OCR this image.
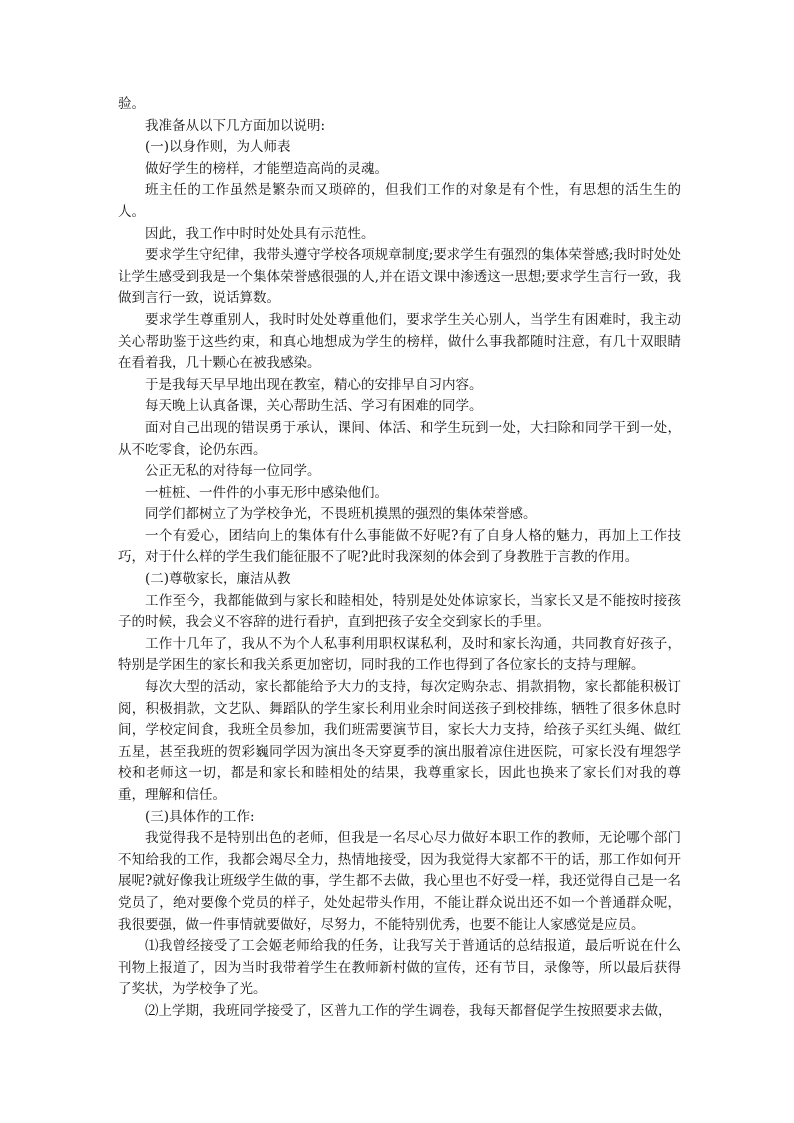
验。

我准备从以下几方面加以说明:

(一)以身作则，为人师表

做好学生的榜样，才能塑造高尚的灵魂。

班主任的工作虽然是繁杂而又琐碎的，但我们工作的对象是有个性，有思想的活生生的人。

因此，我工作中时时处处具有示范性。

要求学生守纪律，我带头遵守学校各项规章制度;要求学生有强烈的集体荣誉感;我时时处处让学生感受到我是一个集体荣誉感很强的人,并在语文课中渗透这一思想;要求学生言行一致，我做到言行一致，说话算数。

要求学生尊重别人，我时时处处尊重他们，要求学生关心别人，当学生有困难时，我主动关心帮助鉴于这些约束，和真心地想成为学生的榜样，做什么事我都随时注意，有几十双眼睛在看着我，几十颗心在被我感染。

于是我每天早早地出现在教室，精心的安排早自习内容。

每天晚上认真备课，关心帮助生活、学习有困难的同学。

面对自己出现的错误勇于承认，课间、体活、和学生玩到一处，大扫除和同学干到一处，从不吃零食，论仍东西。

公正无私的对待每一位同学。

一桩桩、一件件的小事无形中感染他们。

同学们都树立了为学校争光，不畏班机摸黑的强烈的集体荣誉感。

一个有爱心，团结向上的集体有什么事能做不好呢?有了自身人格的魅力，再加上工作技巧，对于什么样的学生我们能征服不了呢?此时我深刻的体会到了身教胜于言教的作用。

(二)尊敬家长，廉洁从教

工作至今，我都能做到与家长和睦相处，特别是处处体谅家长，当家长又是不能按时接孩子的时候，我会义不容辞的进行看护，直到把孩子安全交到家长的手里。

工作十几年了，我从不为个人私事利用职权谋私利，及时和家长沟通，共同教育好孩子，特别是学困生的家长和我关系更加密切，同时我的工作也得到了各位家长的支持与理解。

每次大型的活动，家长都能给予大力的支持，每次定购杂志、捐款捐物，家长都能积极订阅，积极捐款，文艺队、舞蹈队的学生家长利用业余时间送孩子到校排练，牺牲了很多休息时间，学校定间食，我班全员参加，我们班需要演节目，家长大力支持，给孩子买红头绳、做红五星，甚至我班的贺彩巍同学因为演出冬天穿夏季的演出服着凉住进医院，可家长没有埋怨学校和老师这一切，都是和家长和睦相处的结果，我尊重家长，因此也换来了家长们对我的尊重，理解和信任。

(三)具体作的工作:

我觉得我不是特别出色的老师，但我是一名尽心尽力做好本职工作的教师，无论哪个部门不知给我的工作，我都会竭尽全力，热情地接受，因为我觉得大家都不干的话，那工作如何开展呢?就好像我让班级学生做的事，学生都不去做，我心里也不好受一样，我还觉得自己是一名党员了，绝对要像个党员的样子，处处起带头作用，不能让群众说出还不如一个普通群众呢，我很要强，做一件事情就要做好，尽努力，不能特别优秀，也要不能让人家感觉是应员。

⑴我曾经接受了工会姬老师给我的任务，让我写关于普通话的总结报道，最后听说在什么刊物上报道了，因为当时我带着学生在教师新村做的宣传，还有节目，录像等，所以最后获得了奖状，为学校争了光。

⑵上学期，我班同学接受了，区普九工作的学生调卷，我每天都督促学生按照要求去做，
